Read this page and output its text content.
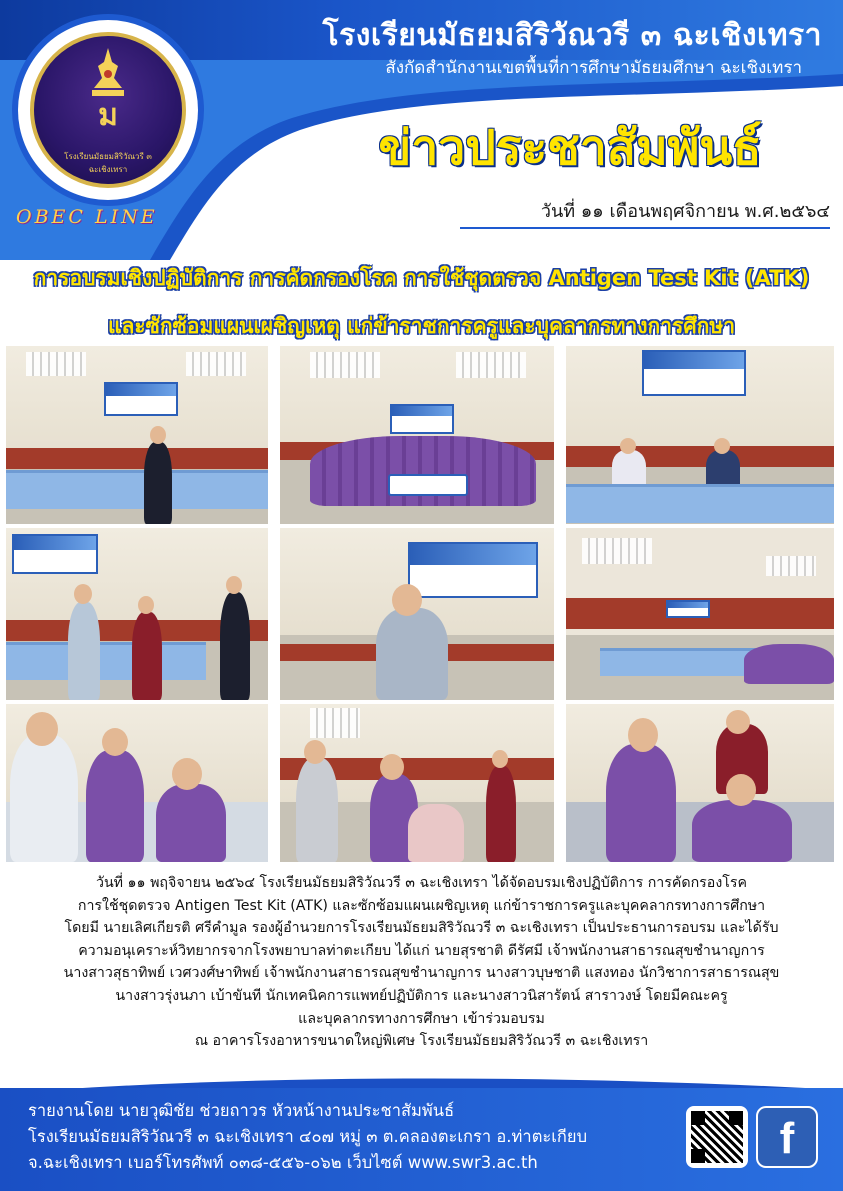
ม
โรงเรียนมัธยมสิริวัณวรี ๓ ฉะเชิงเทรา
OBEC LINE
โรงเรียนมัธยมสิริวัณวรี ๓ ฉะเชิงเทรา
สังกัดสำนักงานเขตพื้นที่การศึกษามัธยมศึกษา ฉะเชิงเทรา
ข่าวประชาสัมพันธ์
วันที่ ๑๑ เดือนพฤศจิกายน พ.ศ.๒๕๖๔
การอบรมเชิงปฏิบัติการ การคัดกรองโรค การใช้ชุดตรวจ Antigen Test Kit (ATK)
และซักซ้อมแผนเผชิญเหตุ แก่ข้าราชการครูและบุคลากรทางการศึกษา

วันที่ ๑๑ พฤจิจายน ๒๕๖๔ โรงเรียนมัธยมสิริวัณวรี ๓ ฉะเชิงเทรา ได้จัดอบรมเชิงปฏิบัติการ การคัดกรองโรค

การใช้ชุดตรวจ Antigen Test Kit (ATK) และซักซ้อมแผนเผชิญเหตุ แก่ข้าราชการครูและบุคคลากรทางการศึกษา

โดยมี นายเลิศเกียรติ ศรีคำมูล รองผู้อำนวยการโรงเรียนมัธยมสิริวัณวรี ๓ ฉะเชิงเทรา เป็นประธานการอบรม และได้รับ

ความอนุเคราะห์วิทยากรจากโรงพยาบาลท่าตะเกียบ ได้แก่ นายสุรชาติ ดีรัศมี เจ้าพนักงานสาธารณสุขชำนาญการ

นางสาวสุธาทิพย์ เวศวงศ์ษาทิพย์ เจ้าพนักงานสาธารณสุขชำนาญการ นางสาวบุษชาติ แสงทอง นักวิชาการสาธารณสุข

นางสาวรุ่งนภา เบ้าขันที นักเทคนิคการแพทย์ปฏิบัติการ และนางสาวนิสารัตน์ สาราวงษ์ โดยมีคณะครู

และบุคลากรทางการศึกษา เข้าร่วมอบรม

ณ อาคารโรงอาหารขนาดใหญ่พิเศษ โรงเรียนมัธยมสิริวัณวรี ๓ ฉะเชิงเทรา

รายงานโดย นายวุฒิชัย ช่วยถาวร หัวหน้างานประชาสัมพันธ์
โรงเรียนมัธยมสิริวัณวรี ๓ ฉะเชิงเทรา ๔๐๗ หมู่ ๓ ต.คลองตะเกรา อ.ท่าตะเกียบ
จ.ฉะเชิงเทรา เบอร์โทรศัพท์ ๐๓๘-๕๕๖-๐๖๒ เว็บไซต์ www.swr3.ac.th	f
